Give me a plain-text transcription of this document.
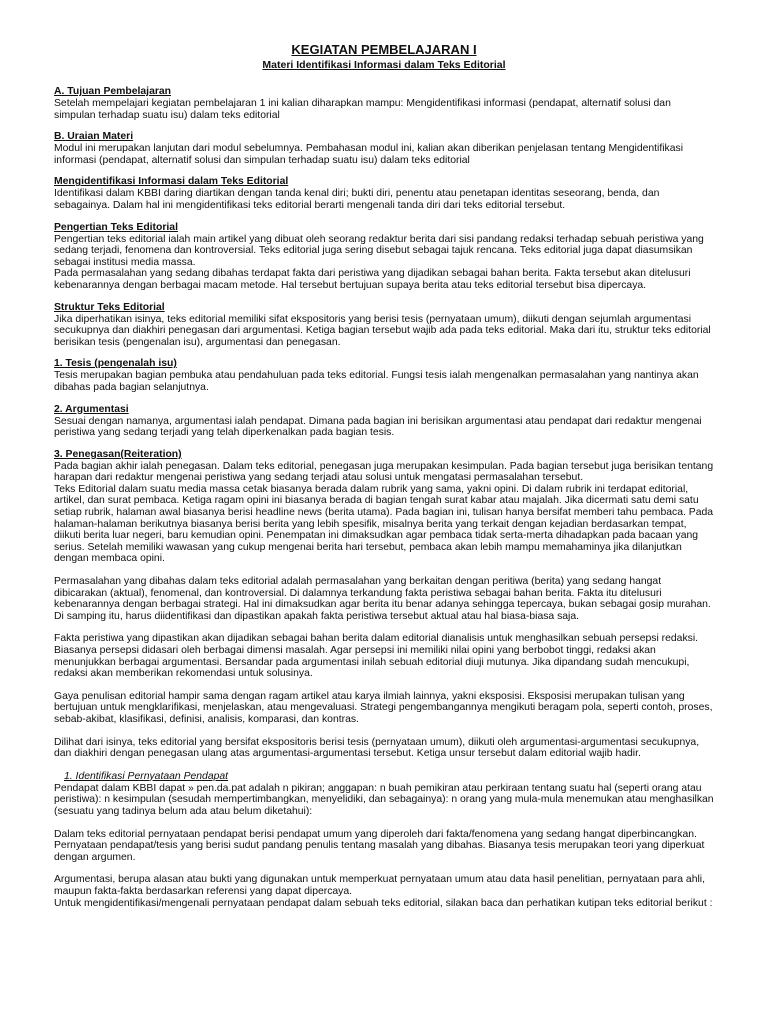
KEGIATAN PEMBELAJARAN I
Materi Identifikasi Informasi dalam Teks Editorial

A. Tujuan Pembelajaran

Setelah mempelajari kegiatan pembelajaran 1 ini kalian diharapkan mampu: Mengidentifikasi informasi (pendapat, alternatif solusi dan simpulan terhadap suatu isu) dalam teks editorial

B. Uraian Materi

Modul ini merupakan lanjutan dari modul sebelumnya. Pembahasan modul ini, kalian akan diberikan penjelasan tentang Mengidentifikasi informasi (pendapat, alternatif solusi dan simpulan terhadap suatu isu) dalam teks editorial

Mengidentifikasi Informasi dalam Teks Editorial

Identifikasi dalam KBBI daring diartikan dengan tanda kenal diri; bukti diri, penentu atau penetapan identitas seseorang, benda, dan sebagainya. Dalam hal ini mengidentifikasi teks editorial berarti mengenali tanda diri dari teks editorial tersebut.

Pengertian Teks Editorial

Pengertian teks editorial ialah main artikel yang dibuat oleh seorang redaktur berita dari sisi pandang redaksi terhadap sebuah peristiwa yang sedang terjadi, fenomena dan kontroversial. Teks editorial juga sering disebut sebagai tajuk rencana. Teks editorial juga dapat diasumsikan sebagai institusi media massa.

Pada permasalahan yang sedang dibahas terdapat fakta dari peristiwa yang dijadikan sebagai bahan berita. Fakta tersebut akan ditelusuri kebenarannya dengan berbagai macam metode. Hal tersebut bertujuan supaya berita atau teks editorial tersebut bisa dipercaya.

Struktur Teks Editorial

Jika diperhatikan isinya, teks editorial memiliki sifat ekspositoris yang berisi tesis (pernyataan umum), diikuti dengan sejumlah argumentasi secukupnya dan diakhiri penegasan dari argumentasi. Ketiga bagian tersebut wajib ada pada teks editorial. Maka dari itu, struktur teks editorial berisikan tesis (pengenalan isu), argumentasi dan penegasan.

1. Tesis (pengenalah isu)

Tesis merupakan bagian pembuka atau pendahuluan pada teks editorial. Fungsi tesis ialah mengenalkan permasalahan yang nantinya akan dibahas pada bagian selanjutnya.

2. Argumentasi

Sesuai dengan namanya, argumentasi ialah pendapat. Dimana pada bagian ini berisikan argumentasi atau pendapat dari redaktur mengenai peristiwa yang sedang terjadi yang telah diperkenalkan pada bagian tesis.

3. Penegasan(Reiteration)

Pada bagian akhir ialah penegasan. Dalam teks editorial, penegasan juga merupakan kesimpulan. Pada bagian tersebut juga berisikan tentang harapan dari redaktur mengenai peristiwa yang sedang terjadi atau solusi untuk mengatasi permasalahan tersebut.

Teks Editorial dalam suatu media massa cetak biasanya berada dalam rubrik yang sama, yakni opini. Di dalam rubrik ini terdapat editorial, artikel, dan surat pembaca. Ketiga ragam opini ini biasanya berada di bagian tengah surat kabar atau majalah. Jika dicermati satu demi satu setiap rubrik, halaman awal biasanya berisi headline news (berita utama). Pada bagian ini, tulisan hanya bersifat memberi tahu pembaca. Pada halaman-halaman berikutnya biasanya berisi berita yang lebih spesifik, misalnya berita yang terkait dengan kejadian berdasarkan tempat, diikuti berita luar negeri, baru kemudian opini. Penempatan ini dimaksudkan agar pembaca tidak serta-merta dihadapkan pada bacaan yang serius. Setelah memiliki wawasan yang cukup mengenai berita hari tersebut, pembaca akan lebih mampu memahaminya jika dilanjutkan dengan membaca opini.

Permasalahan yang dibahas dalam teks editorial adalah permasalahan yang berkaitan dengan peritiwa (berita) yang sedang hangat dibicarakan (aktual), fenomenal, dan kontroversial. Di dalamnya terkandung fakta peristiwa sebagai bahan berita. Fakta itu ditelusuri kebenarannya dengan berbagai strategi. Hal ini dimaksudkan agar berita itu benar adanya sehingga tepercaya, bukan sebagai gosip murahan. Di samping itu, harus diidentifikasi dan dipastikan apakah fakta peristiwa tersebut aktual atau hal biasa-biasa saja.

Fakta peristiwa yang dipastikan akan dijadikan sebagai bahan berita dalam editorial dianalisis untuk menghasilkan sebuah persepsi redaksi. Biasanya persepsi didasari oleh berbagai dimensi masalah. Agar persepsi ini memiliki nilai opini yang berbobot tinggi, redaksi akan menunjukkan berbagai argumentasi. Bersandar pada argumentasi inilah sebuah editorial diuji mutunya. Jika dipandang sudah mencukupi, redaksi akan memberikan rekomendasi untuk solusinya.

Gaya penulisan editorial hampir sama dengan ragam artikel atau karya ilmiah lainnya, yakni eksposisi. Eksposisi merupakan tulisan yang bertujuan untuk mengklarifikasi, menjelaskan, atau mengevaluasi. Strategi pengembangannya mengikuti beragam pola, seperti contoh, proses, sebab-akibat, klasifikasi, definisi, analisis, komparasi, dan kontras.

Dilihat dari isinya, teks editorial yang bersifat ekspositoris berisi tesis (pernyataan umum), diikuti oleh argumentasi-argumentasi secukupnya, dan diakhiri dengan penegasan ulang atas argumentasi-argumentasi tersebut. Ketiga unsur tersebut dalam editorial wajib hadir.

1. Identifikasi Pernyataan Pendapat

Pendapat dalam KBBI dapat » pen.da.pat adalah n pikiran; anggapan: n buah pemikiran atau perkiraan tentang suatu hal (seperti orang atau peristiwa): n kesimpulan (sesudah mempertimbangkan, menyelidiki, dan sebagainya): n orang yang mula-mula menemukan atau menghasilkan (sesuatu yang tadinya belum ada atau belum diketahui):

Dalam teks editorial pernyataan pendapat berisi pendapat umum yang diperoleh dari fakta/fenomena yang sedang hangat diperbincangkan. Pernyataan pendapat/tesis yang berisi sudut pandang penulis tentang masalah yang dibahas. Biasanya tesis merupakan teori yang diperkuat dengan argumen.

Argumentasi, berupa alasan atau bukti yang digunakan untuk memperkuat pernyataan umum atau data hasil penelitian, pernyataan para ahli, maupun fakta-fakta berdasarkan referensi yang dapat dipercaya.

Untuk mengidentifikasi/mengenali pernyataan pendapat dalam sebuah teks editorial, silakan baca dan perhatikan kutipan teks editorial berikut :
